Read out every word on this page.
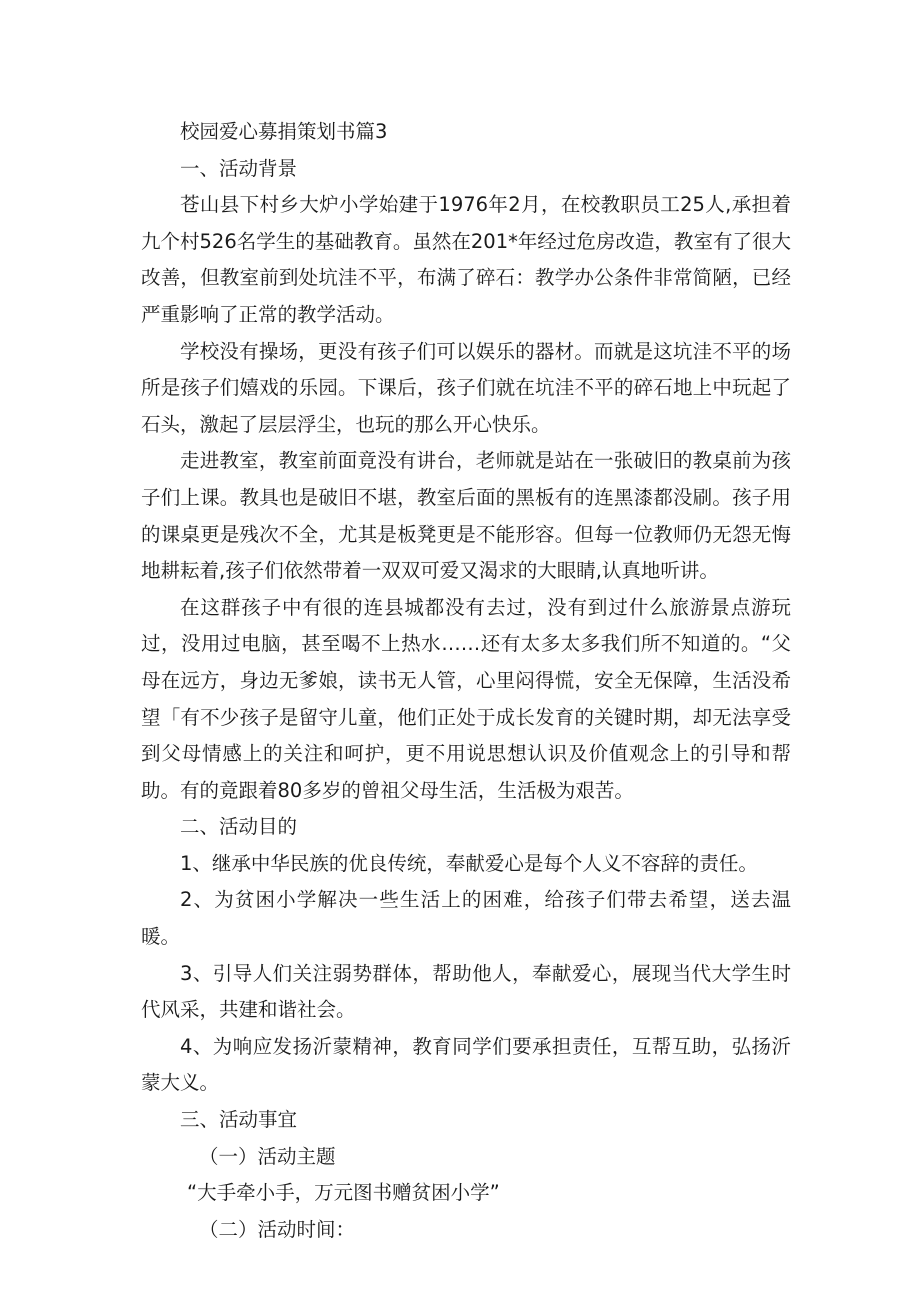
校园爱心募捐策划书篇3

一、活动背景

苍山县下村乡大炉小学始建于1976年2月，在校教职员工25人,承担着九个村526名学生的基础教育。虽然在201*年经过危房改造，教室有了很大改善，但教室前到处坑洼不平，布满了碎石：教学办公条件非常简陋，已经严重影响了正常的教学活动。

学校没有操场，更没有孩子们可以娱乐的器材。而就是这坑洼不平的场所是孩子们嬉戏的乐园。下课后，孩子们就在坑洼不平的碎石地上中玩起了石头，激起了层层浮尘，也玩的那么开心快乐。

走进教室，教室前面竟没有讲台，老师就是站在一张破旧的教桌前为孩子们上课。教具也是破旧不堪，教室后面的黑板有的连黑漆都没刷。孩子用的课桌更是残次不全，尤其是板凳更是不能形容。但每一位教师仍无怨无悔地耕耘着,孩子们依然带着一双双可爱又渴求的大眼睛,认真地听讲。

在这群孩子中有很的连县城都没有去过，没有到过什么旅游景点游玩过，没用过电脑，甚至喝不上热水……还有太多太多我们所不知道的。“父母在远方，身边无爹娘，读书无人管，心里闷得慌，安全无保障，生活没希望「有不少孩子是留守儿童，他们正处于成长发育的关键时期，却无法享受到父母情感上的关注和呵护，更不用说思想认识及价值观念上的引导和帮助。有的竟跟着80多岁的曾祖父母生活，生活极为艰苦。

二、活动目的

1、继承中华民族的优良传统，奉献爱心是每个人义不容辞的责任。

2、为贫困小学解决一些生活上的困难，给孩子们带去希望，送去温暖。

3、引导人们关注弱势群体，帮助他人，奉献爱心，展现当代大学生时代风采，共建和谐社会。

4、为响应发扬沂蒙精神，教育同学们要承担责任，互帮互助，弘扬沂蒙大义。

三、活动事宜

（一）活动主题

“大手牵小手，万元图书赠贫困小学”

（二）活动时间：
